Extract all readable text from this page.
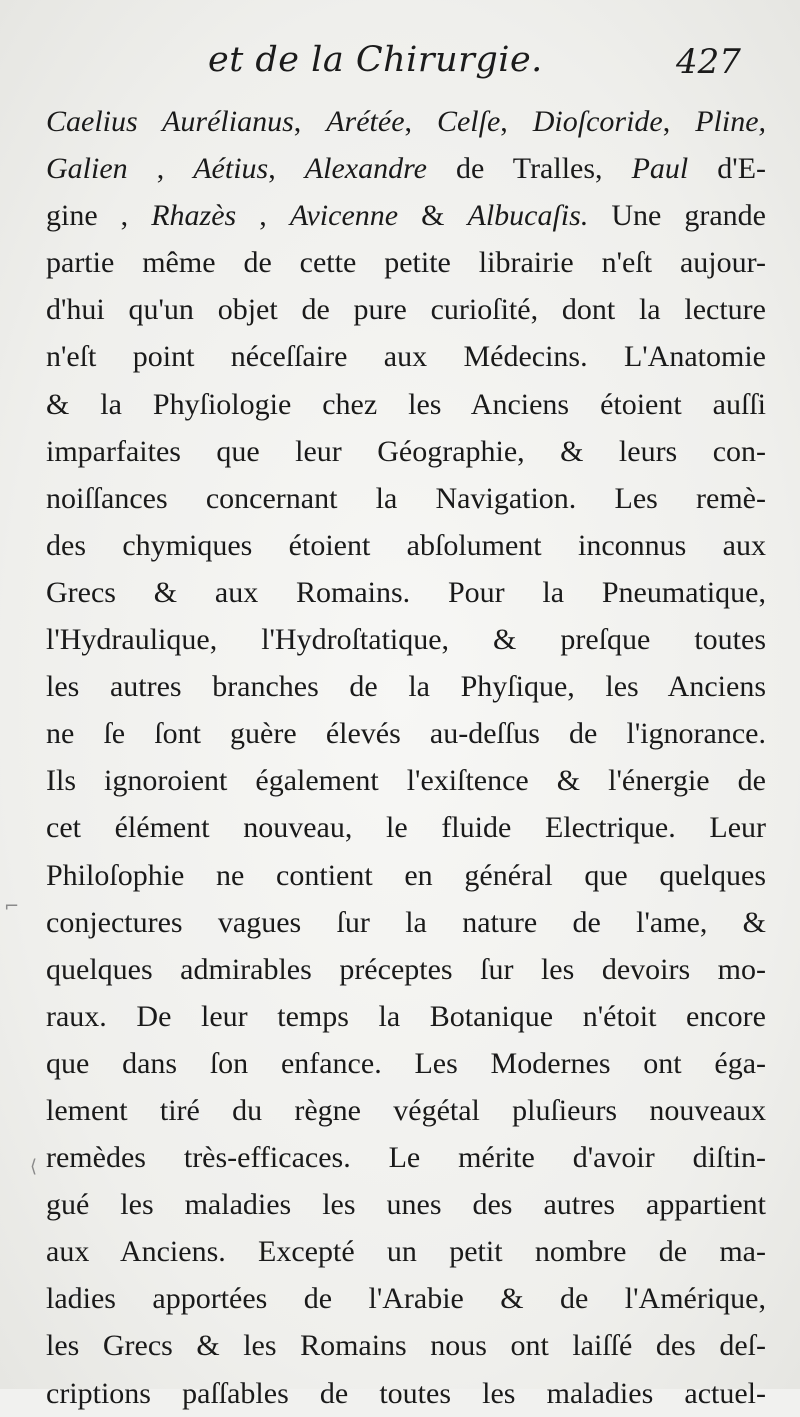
et de la Chirurgie.	427
Caelius Aurélianus, Arétée, Celſe, Dioſcoride, Pline,
Galien , Aétius, Alexandre de Tralles, Paul d'E-
gine , Rhazès , Avicenne & Albucaſis. Une grande
partie même de cette petite librairie n'eſt aujour-
d'hui qu'un objet de pure curioſité, dont la lecture
n'eſt point néceſſaire aux Médecins. L'Anatomie
& la Phyſiologie chez les Anciens étoient auſſi
imparfaites que leur Géographie, & leurs con-
noiſſances concernant la Navigation. Les remè-
des chymiques étoient abſolument inconnus aux
Grecs & aux Romains. Pour la Pneumatique,
l'Hydraulique, l'Hydroſtatique, & preſque toutes
les autres branches de la Phyſique, les Anciens
ne ſe ſont guère élevés au-deſſus de l'ignorance.
Ils ignoroient également l'exiſtence & l'énergie de
cet élément nouveau, le fluide Electrique. Leur
Philoſophie ne contient en général que quelques
conjectures vagues ſur la nature de l'ame, &
quelques admirables préceptes ſur les devoirs mo-
raux. De leur temps la Botanique n'étoit encore
que dans ſon enfance. Les Modernes ont éga-
lement tiré du règne végétal pluſieurs nouveaux
remèdes très-efficaces. Le mérite d'avoir diſtin-
gué les maladies les unes des autres appartient
aux Anciens. Excepté un petit nombre de ma-
ladies apportées de l'Arabie & de l'Amérique,
les Grecs & les Romains nous ont laiſſé des deſ-
criptions paſſables de toutes les maladies actuel-
⌐
⟨
